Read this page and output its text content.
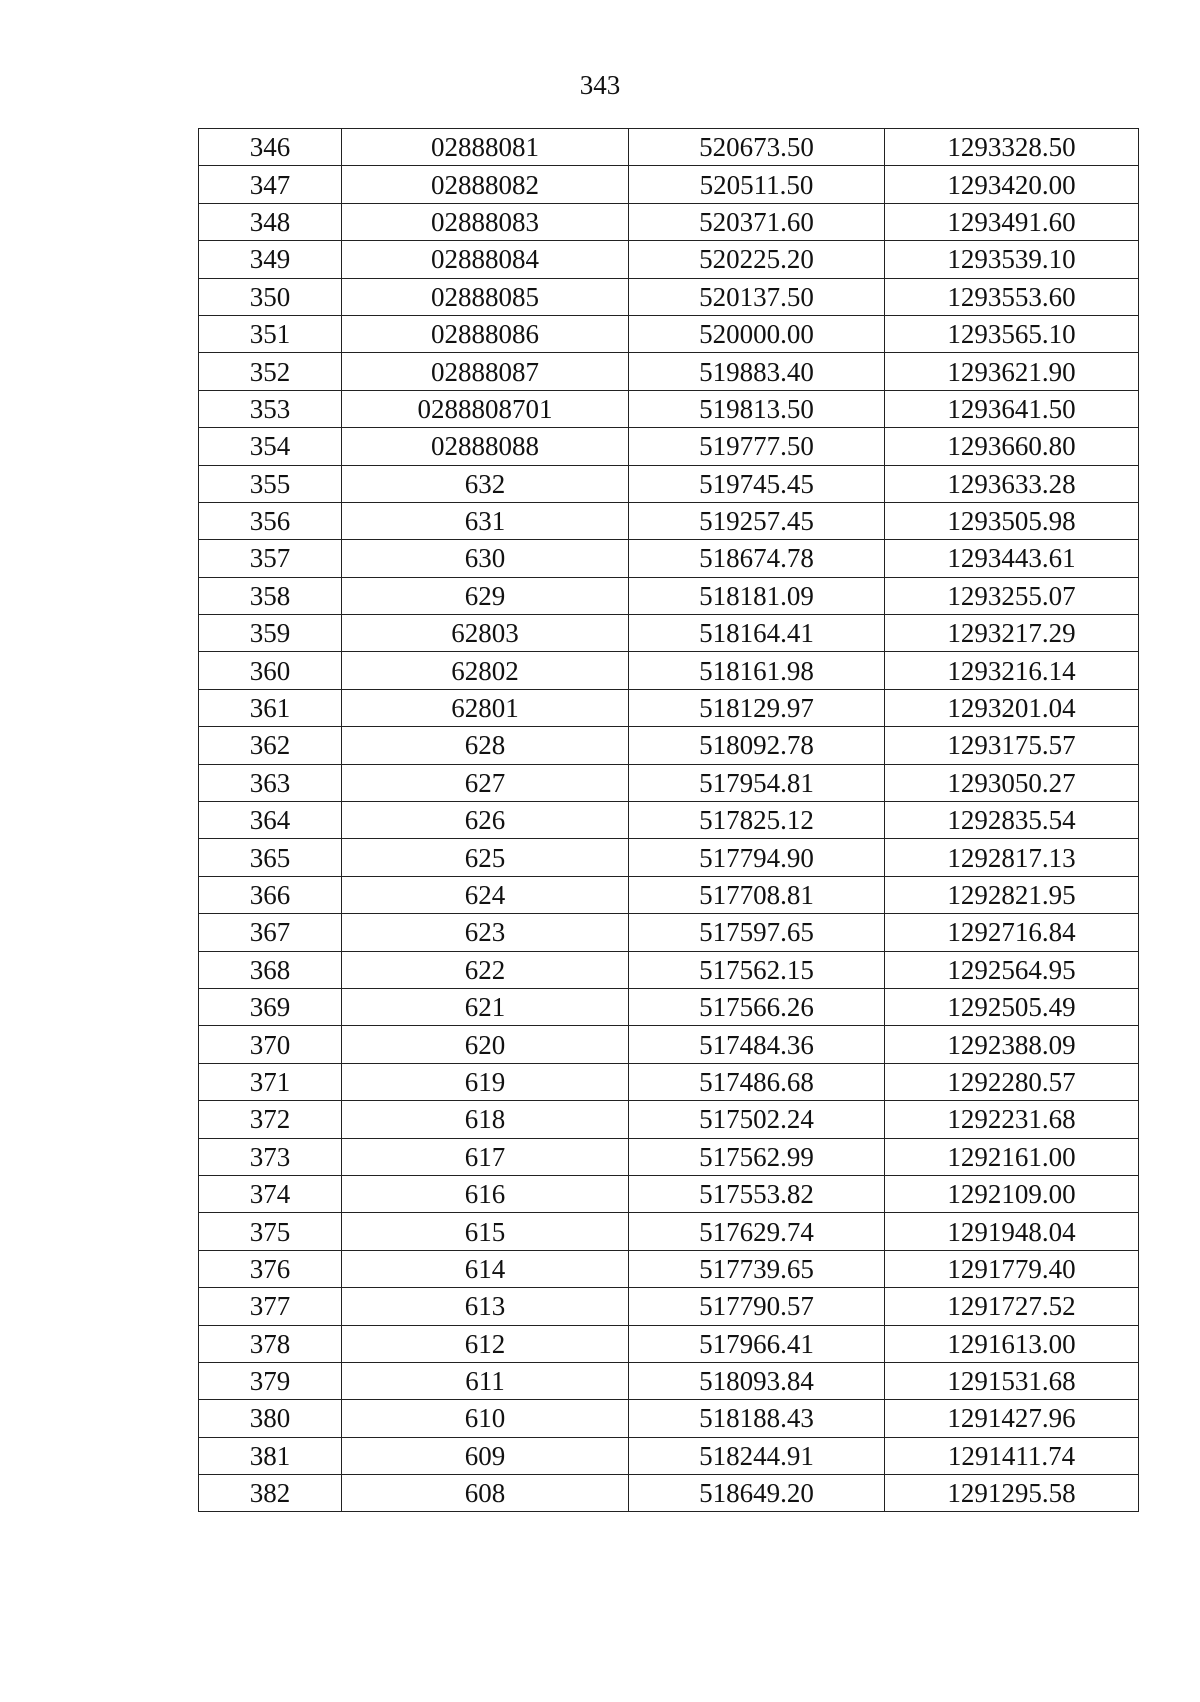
343
346	02888081	520673.50	1293328.50
347	02888082	520511.50	1293420.00
348	02888083	520371.60	1293491.60
349	02888084	520225.20	1293539.10
350	02888085	520137.50	1293553.60
351	02888086	520000.00	1293565.10
352	02888087	519883.40	1293621.90
353	0288808701	519813.50	1293641.50
354	02888088	519777.50	1293660.80
355	632	519745.45	1293633.28
356	631	519257.45	1293505.98
357	630	518674.78	1293443.61
358	629	518181.09	1293255.07
359	62803	518164.41	1293217.29
360	62802	518161.98	1293216.14
361	62801	518129.97	1293201.04
362	628	518092.78	1293175.57
363	627	517954.81	1293050.27
364	626	517825.12	1292835.54
365	625	517794.90	1292817.13
366	624	517708.81	1292821.95
367	623	517597.65	1292716.84
368	622	517562.15	1292564.95
369	621	517566.26	1292505.49
370	620	517484.36	1292388.09
371	619	517486.68	1292280.57
372	618	517502.24	1292231.68
373	617	517562.99	1292161.00
374	616	517553.82	1292109.00
375	615	517629.74	1291948.04
376	614	517739.65	1291779.40
377	613	517790.57	1291727.52
378	612	517966.41	1291613.00
379	611	518093.84	1291531.68
380	610	518188.43	1291427.96
381	609	518244.91	1291411.74
382	608	518649.20	1291295.58
